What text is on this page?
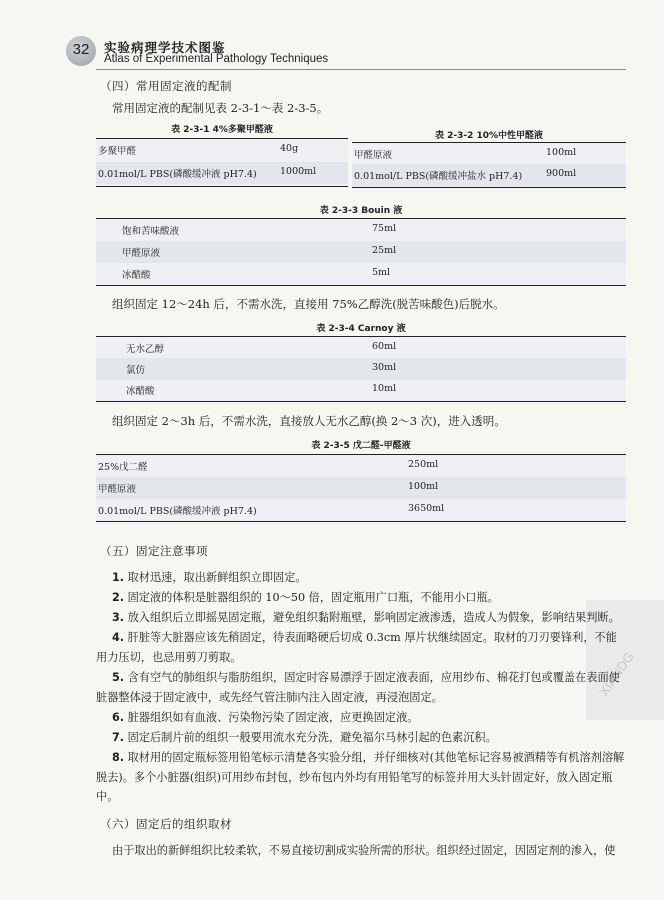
32	实验病理学技术图鉴
Atlas of Experimental Pathology Techniques
（四）常用固定液的配制
常用固定液的配制见表 2-3-1～表 2-3-5。
表 2-3-1 4%多聚甲醛液
多聚甲醛	40g
0.01mol/L PBS(磷酸缓冲液 pH7.4) 1000ml
表 2-3-2 10%中性甲醛液
甲醛原液	100ml
0.01mol/L PBS(磷酸缓冲盐水 pH7.4)	900ml
表 2-3-3 Bouin 液
饱和苦味酸液	75ml
甲醛原液	25ml
冰醋酸	5ml
组织固定 12～24h 后，不需水洗，直接用 75%乙醇洗(脱苦味酸色)后脱水。
表 2-3-4 Carnoy 液
无水乙醇	60ml
氯仿	30ml
冰醋酸	10ml
组织固定 2～3h 后，不需水洗，直接放人无水乙醇(换 2～3 次)，进入透明。
表 2-3-5 戊二醛-甲醛液
25%戊二醛	250ml
甲醛原液	100ml
0.01mol/L PBS(磷酸缓冲液 pH7.4)	3650ml
XIANDG
（五）固定注意事项
1. 取材迅速，取出新鲜组织立即固定。
2. 固定液的体积是脏器组织的 10～50 倍，固定瓶用广口瓶，不能用小口瓶。
3. 放入组织后立即摇晃固定瓶，避免组织黏附瓶壁，影响固定液渗透，造成人为假象，影响结果判断。
4. 肝脏等大脏器应该先稍固定，待表面略硬后切成 0.3cm 厚片状继续固定。取材的刀刃要锋利，不能用力压切，也忌用剪刀剪取。
5. 含有空气的肺组织与脂肪组织，固定时容易漂浮于固定液表面，应用纱布、棉花打包或覆盖在表面使脏器整体浸于固定液中，或先经气管注肺内注入固定液，再浸泡固定。
6. 脏器组织如有血液、污染物污染了固定液，应更换固定液。
7. 固定后制片前的组织一般要用流水充分洗，避免福尔马林引起的色素沉积。
8. 取材用的固定瓶标签用铅笔标示清楚各实验分组，并仔细核对(其他笔标记容易被酒精等有机溶剂溶解脱去)。多个小脏器(组织)可用纱布封包，纱布包内外均有用铅笔写的标签并用大头针固定好，放入固定瓶中。
（六）固定后的组织取材
由于取出的新鲜组织比较柔软，不易直接切割成实验所需的形状。组织经过固定，因固定剂的渗入，使
